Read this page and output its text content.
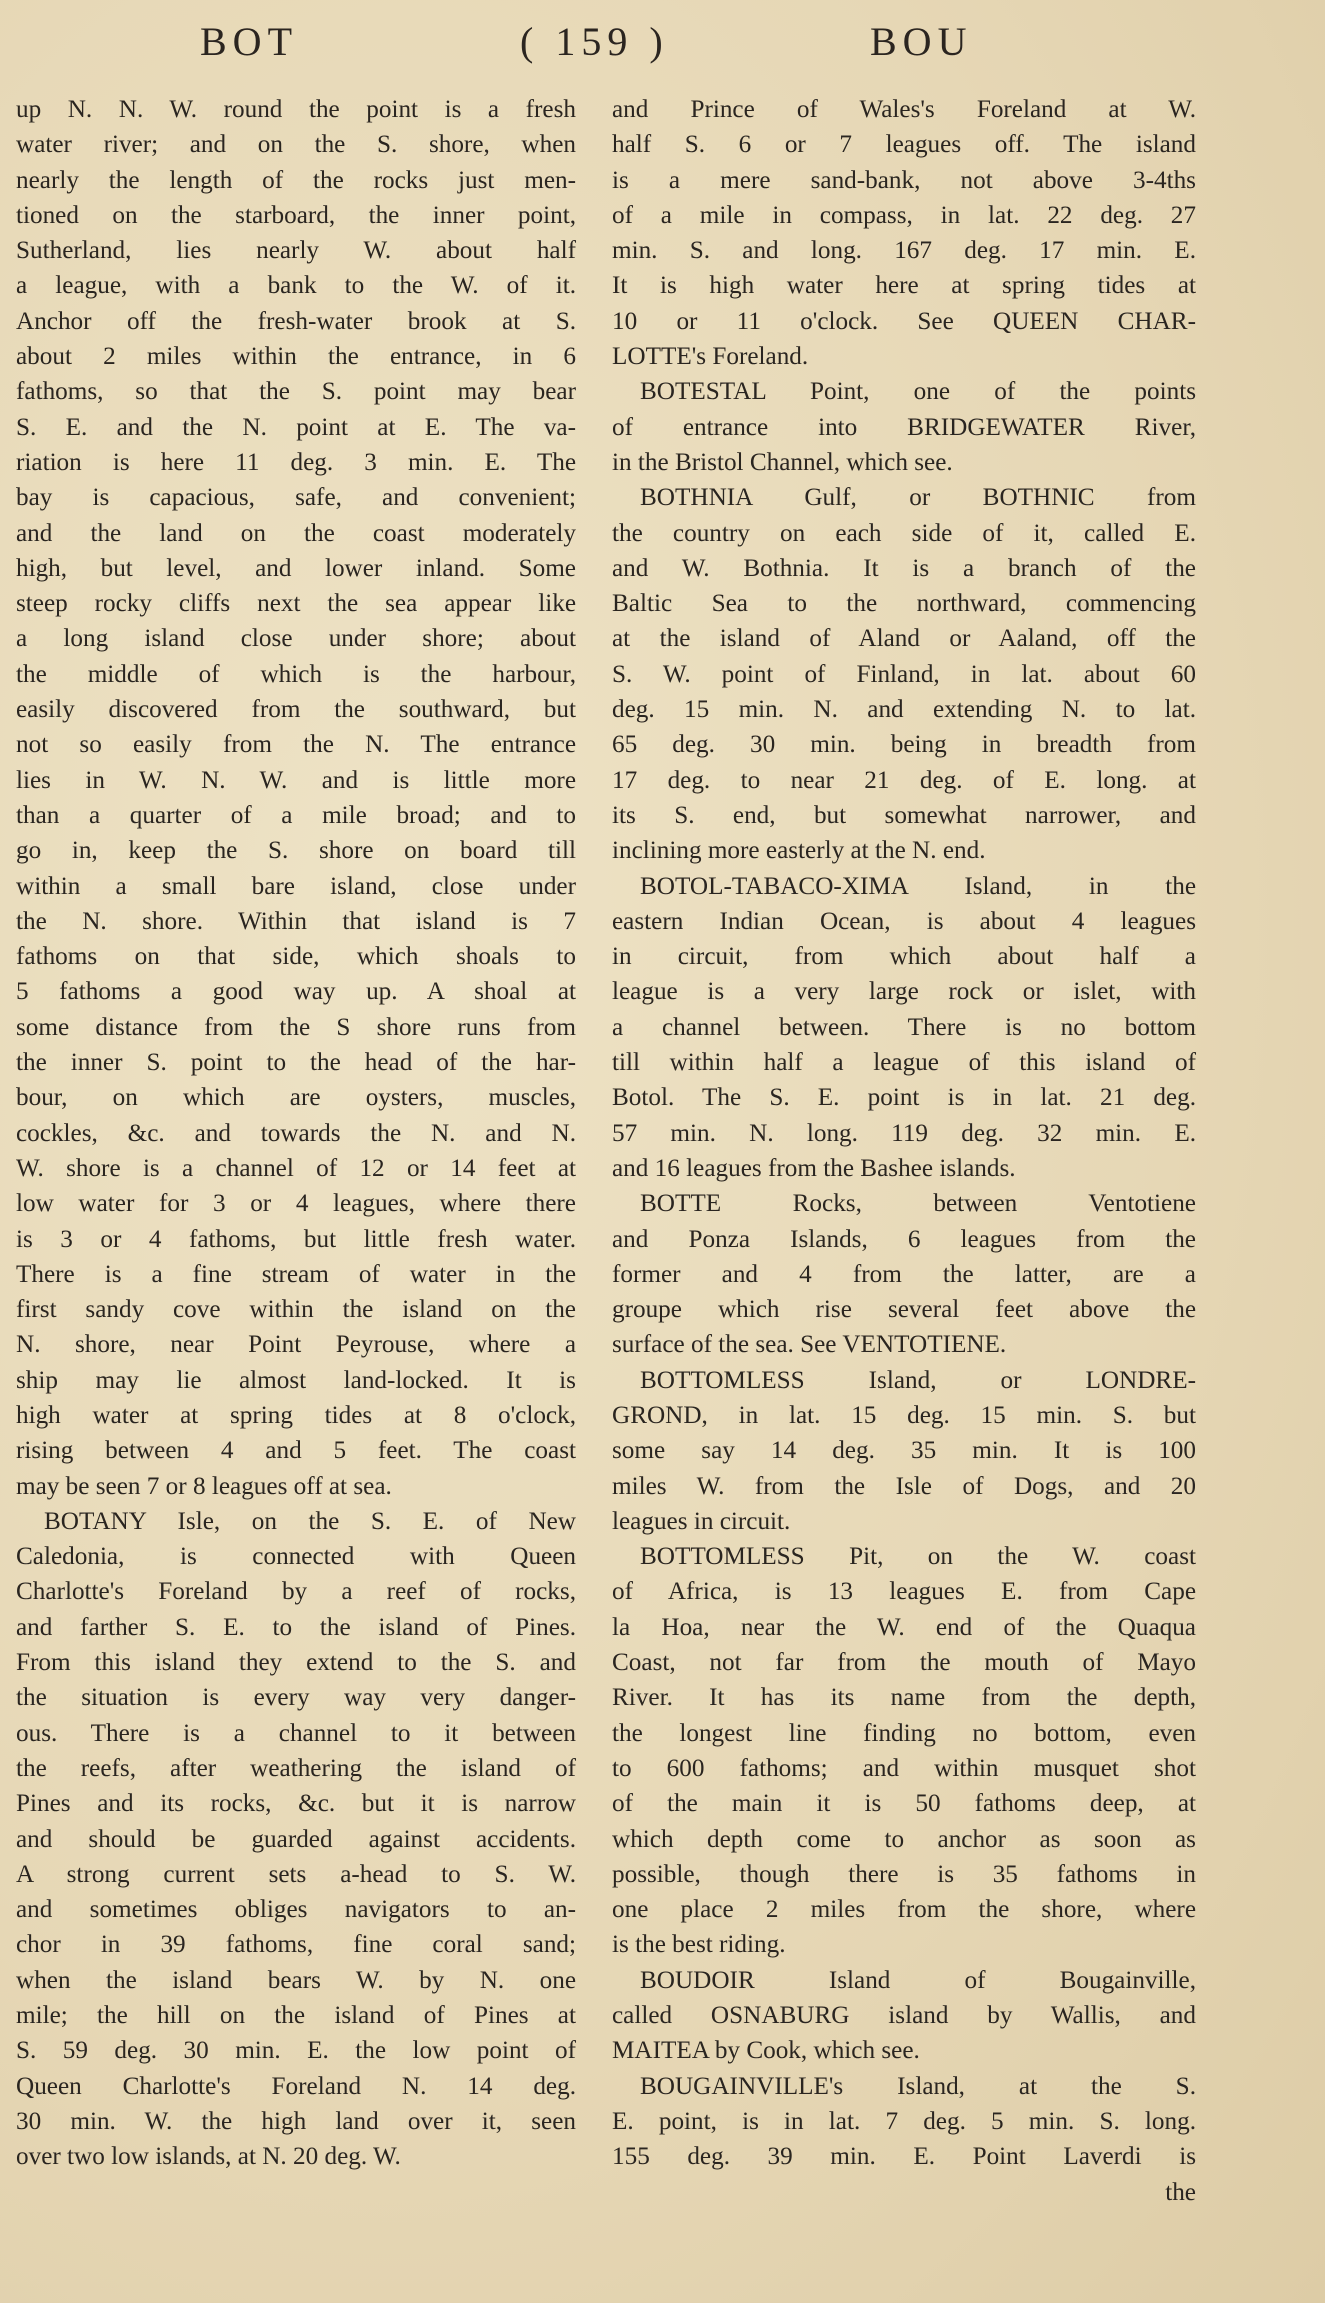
BOT	( 159 )	BOU
up N. N. W. round the point is a fresh
water river; and on the S. shore, when
nearly the length of the rocks just men-
tioned on the starboard, the inner point,
Sutherland, lies nearly W. about half
a league, with a bank to the W. of it.
Anchor off the fresh-water brook at S.
about 2 miles within the entrance, in 6
fathoms, so that the S. point may bear
S. E. and the N. point at E. The va-
riation is here 11 deg. 3 min. E. The
bay is capacious, safe, and convenient;
and the land on the coast moderately
high, but level, and lower inland. Some
steep rocky cliffs next the sea appear like
a long island close under shore; about
the middle of which is the harbour,
easily discovered from the southward, but
not so easily from the N. The entrance
lies in W. N. W. and is little more
than a quarter of a mile broad; and to
go in, keep the S. shore on board till
within a small bare island, close under
the N. shore. Within that island is 7
fathoms on that side, which shoals to
5 fathoms a good way up. A shoal at
some distance from the S shore runs from
the inner S. point to the head of the har-
bour, on which are oysters, muscles,
cockles, &c. and towards the N. and N.
W. shore is a channel of 12 or 14 feet at
low water for 3 or 4 leagues, where there
is 3 or 4 fathoms, but little fresh water.
There is a fine stream of water in the
first sandy cove within the island on the
N. shore, near Point Peyrouse, where a
ship may lie almost land-locked. It is
high water at spring tides at 8 o'clock,
rising between 4 and 5 feet. The coast
may be seen 7 or 8 leagues off at sea.
BOTANY Isle, on the S. E. of New
Caledonia, is connected with Queen
Charlotte's Foreland by a reef of rocks,
and farther S. E. to the island of Pines.
From this island they extend to the S. and
the situation is every way very danger-
ous. There is a channel to it between
the reefs, after weathering the island of
Pines and its rocks, &c. but it is narrow
and should be guarded against accidents.
A strong current sets a-head to S. W.
and sometimes obliges navigators to an-
chor in 39 fathoms, fine coral sand;
when the island bears W. by N. one
mile; the hill on the island of Pines at
S. 59 deg. 30 min. E. the low point of
Queen Charlotte's Foreland N. 14 deg.
30 min. W. the high land over it, seen
over two low islands, at N. 20 deg. W.
and Prince of Wales's Foreland at W.
half S. 6 or 7 leagues off. The island
is a mere sand-bank, not above 3-4ths
of a mile in compass, in lat. 22 deg. 27
min. S. and long. 167 deg. 17 min. E.
It is high water here at spring tides at
10 or 11 o'clock. See QUEEN CHAR-
LOTTE's Foreland.
BOTESTAL Point, one of the points
of entrance into BRIDGEWATER River,
in the Bristol Channel, which see.
BOTHNIA Gulf, or BOTHNIC from
the country on each side of it, called E.
and W. Bothnia. It is a branch of the
Baltic Sea to the northward, commencing
at the island of Aland or Aaland, off the
S. W. point of Finland, in lat. about 60
deg. 15 min. N. and extending N. to lat.
65 deg. 30 min. being in breadth from
17 deg. to near 21 deg. of E. long. at
its S. end, but somewhat narrower, and
inclining more easterly at the N. end.
BOTOL-TABACO-XIMA Island, in the
eastern Indian Ocean, is about 4 leagues
in circuit, from which about half a
league is a very large rock or islet, with
a channel between. There is no bottom
till within half a league of this island of
Botol. The S. E. point is in lat. 21 deg.
57 min. N. long. 119 deg. 32 min. E.
and 16 leagues from the Bashee islands.
BOTTE Rocks, between Ventotiene
and Ponza Islands, 6 leagues from the
former and 4 from the latter, are a
groupe which rise several feet above the
surface of the sea. See VENTOTIENE.
BOTTOMLESS Island, or LONDRE-
GROND, in lat. 15 deg. 15 min. S. but
some say 14 deg. 35 min. It is 100
miles W. from the Isle of Dogs, and 20
leagues in circuit.
BOTTOMLESS Pit, on the W. coast
of Africa, is 13 leagues E. from Cape
la Hoa, near the W. end of the Quaqua
Coast, not far from the mouth of Mayo
River. It has its name from the depth,
the longest line finding no bottom, even
to 600 fathoms; and within musquet shot
of the main it is 50 fathoms deep, at
which depth come to anchor as soon as
possible, though there is 35 fathoms in
one place 2 miles from the shore, where
is the best riding.
BOUDOIR Island of Bougainville,
called OSNABURG island by Wallis, and
MAITEA by Cook, which see.
BOUGAINVILLE's Island, at the S.
E. point, is in lat. 7 deg. 5 min. S. long.
155 deg. 39 min. E. Point Laverdi is
the
